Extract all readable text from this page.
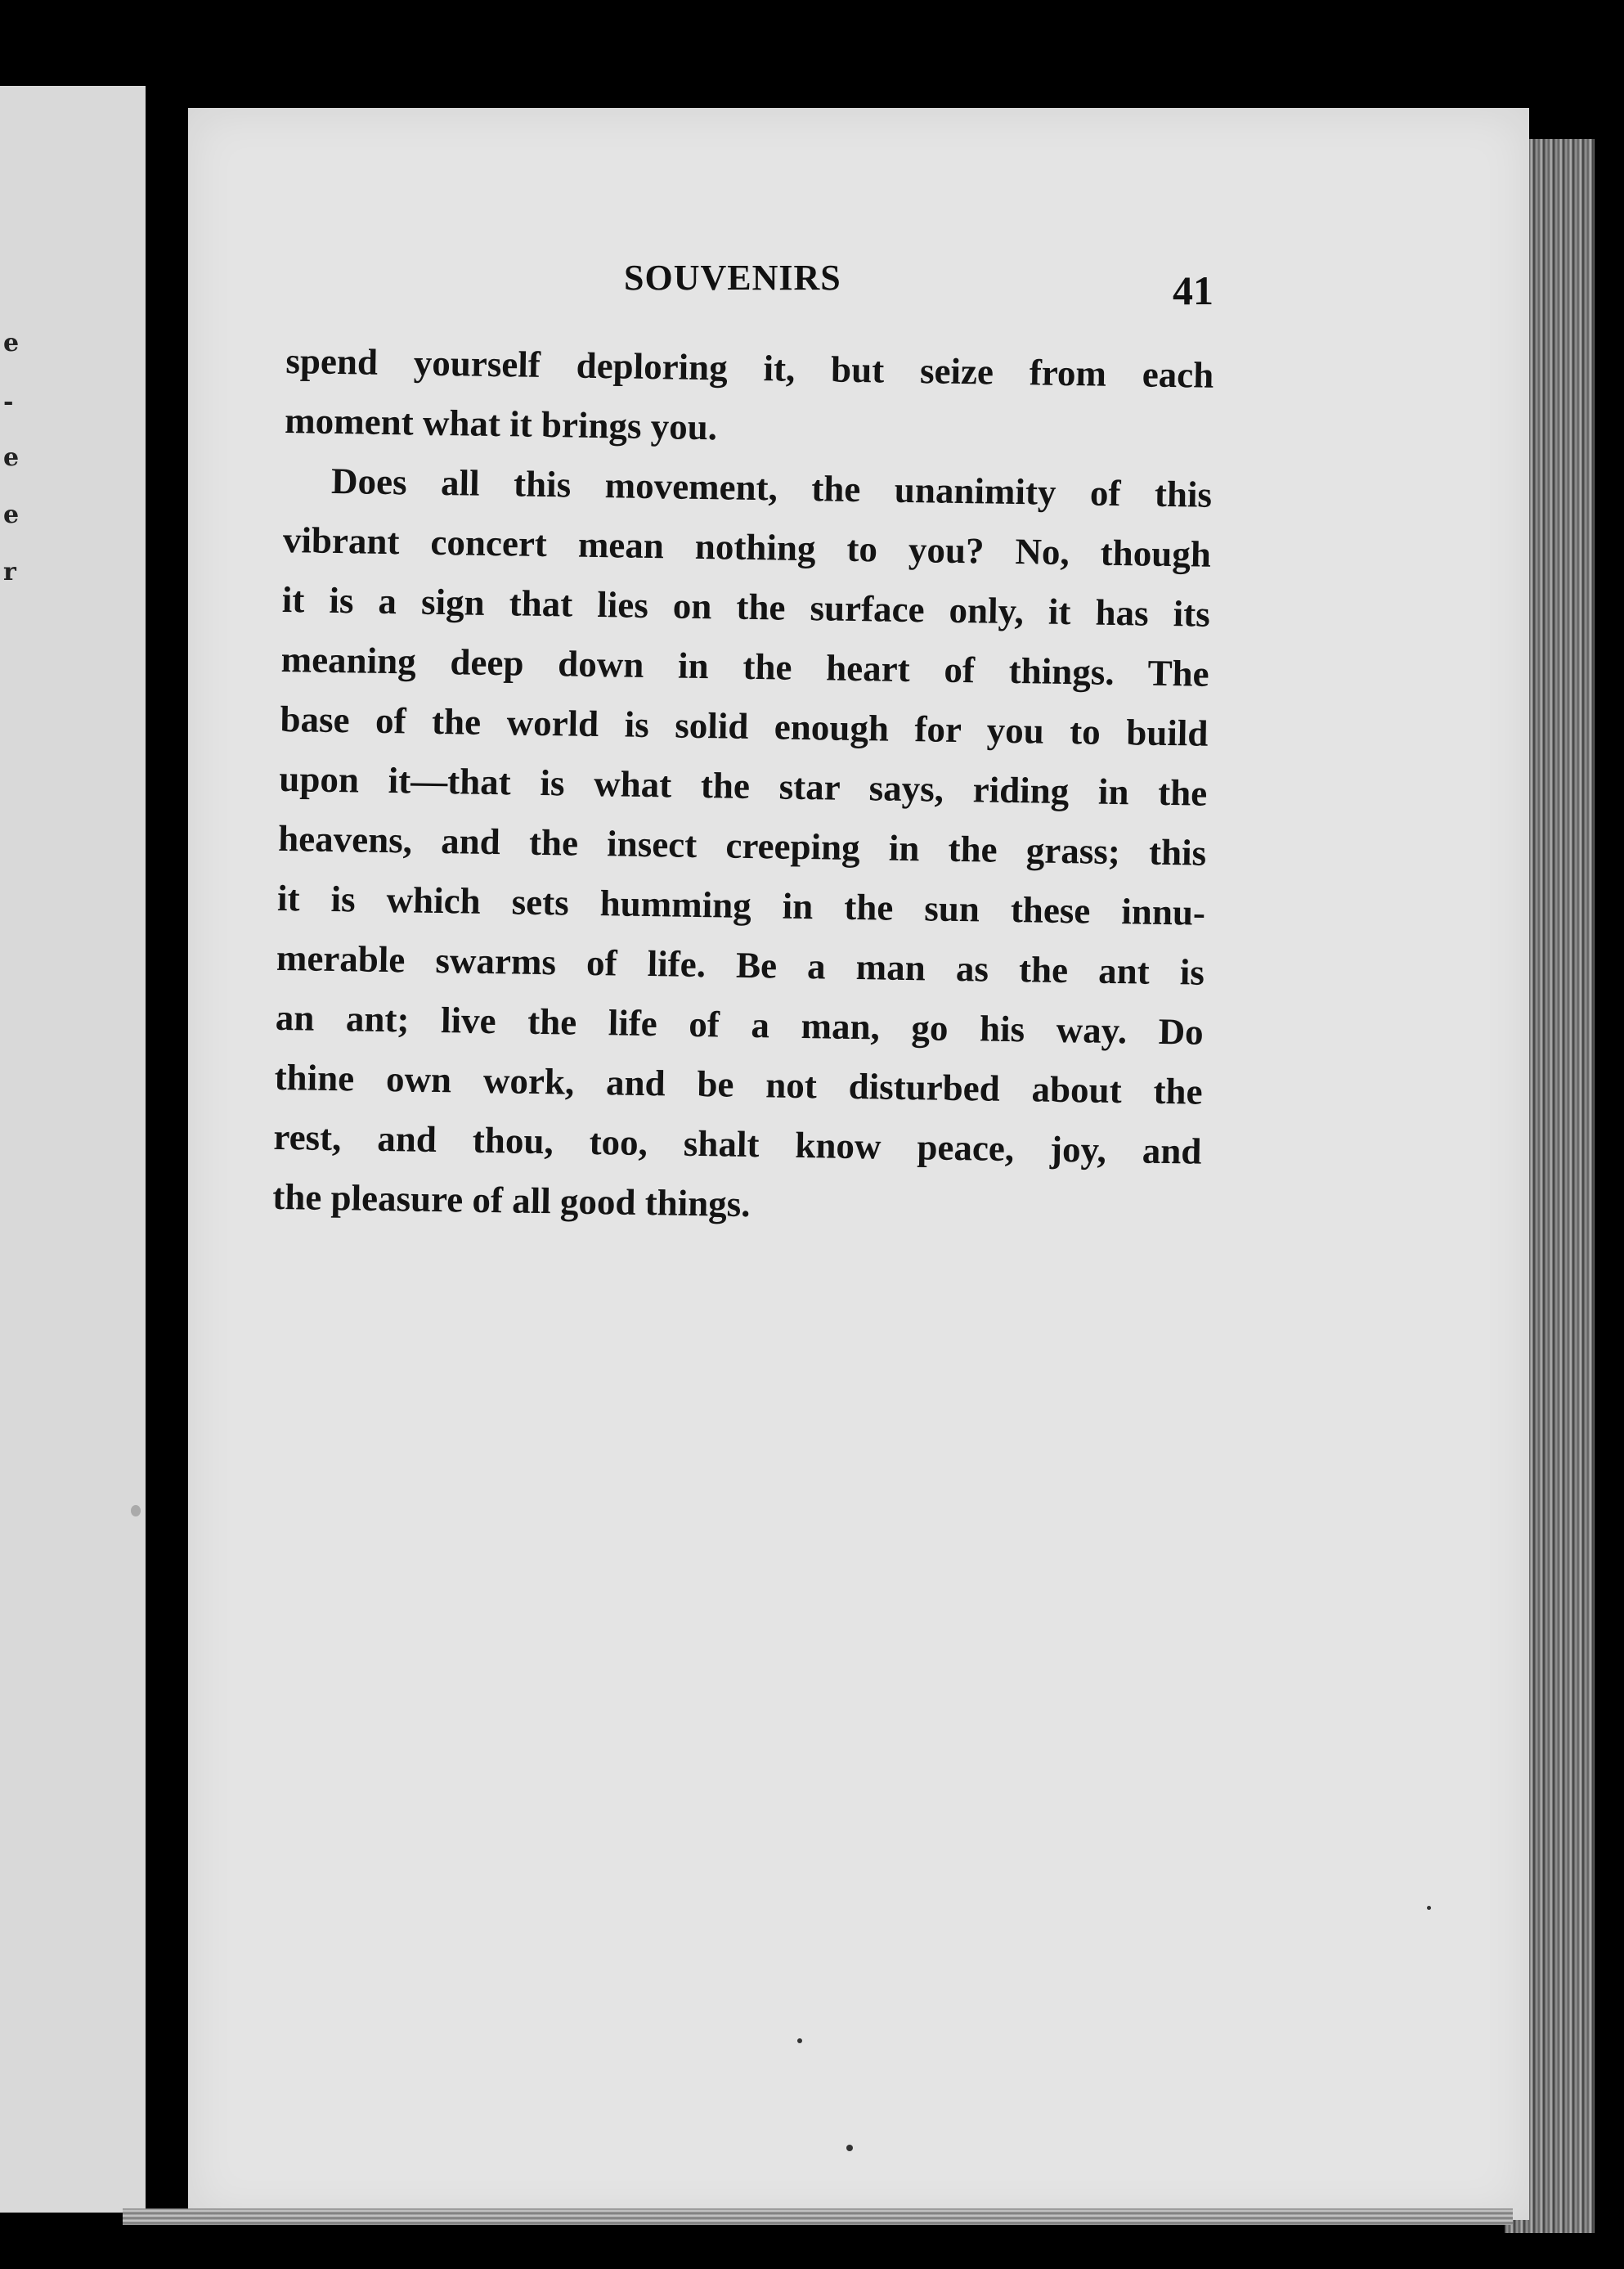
e
-
e
e
r
SOUVENIRS	41
spend yourself deploring it, but seize from each
moment what it brings you.
Does all this movement, the unanimity of this
vibrant concert mean nothing to you? No, though
it is a sign that lies on the surface only, it has its
meaning deep down in the heart of things. The
base of the world is solid enough for you to build
upon it—that is what the star says, riding in the
heavens, and the insect creeping in the grass; this
it is which sets humming in the sun these innu-
merable swarms of life. Be a man as the ant is
an ant; live the life of a man, go his way. Do
thine own work, and be not disturbed about the
rest, and thou, too, shalt know peace, joy, and
the pleasure of all good things.
